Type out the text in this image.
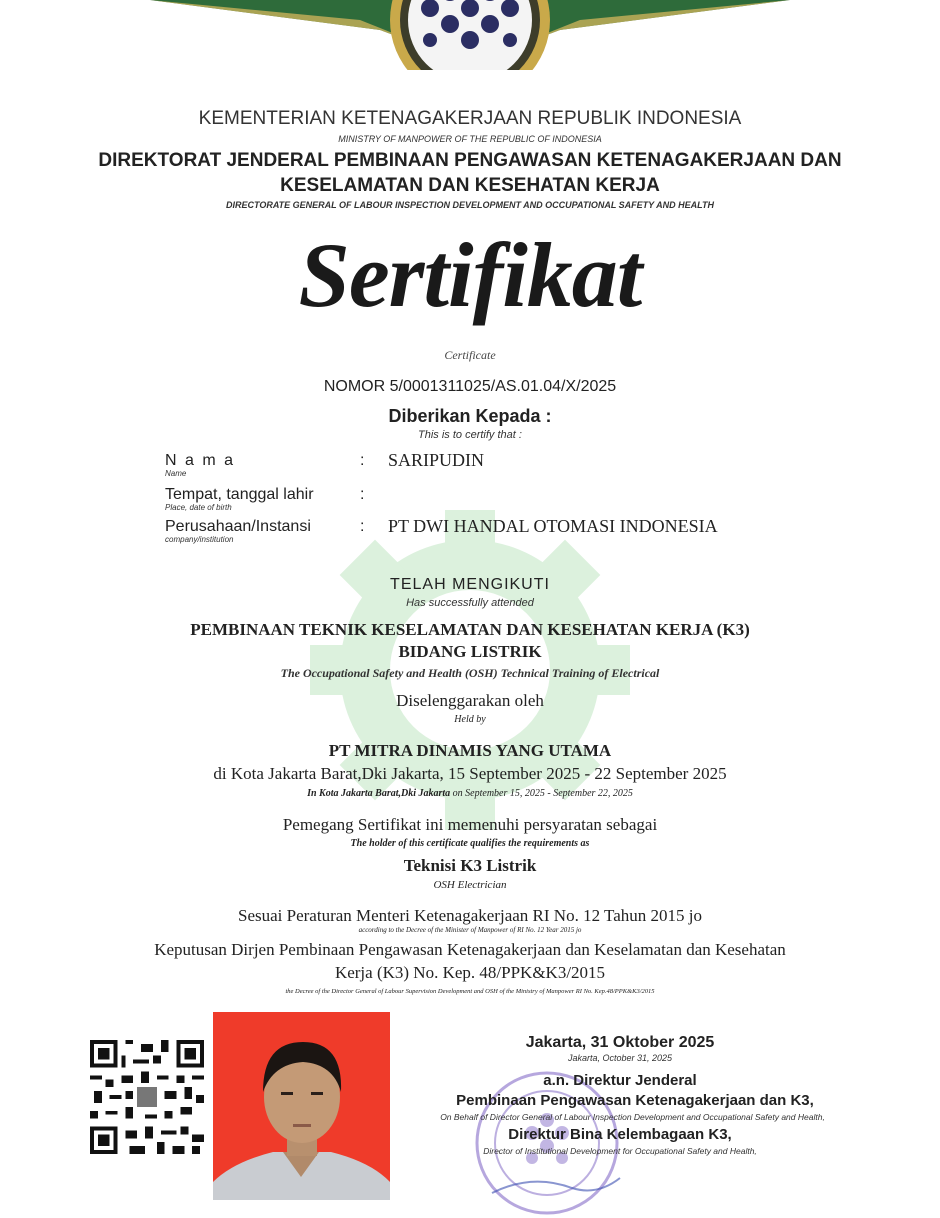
KEMENTERIAN KETENAGAKERJAAN REPUBLIK INDONESIA
MINISTRY OF MANPOWER OF THE REPUBLIC OF INDONESIA
DIREKTORAT JENDERAL PEMBINAAN PENGAWASAN KETENAGAKERJAAN DAN
KESELAMATAN DAN KESEHATAN KERJA
DIRECTORATE GENERAL OF LABOUR INSPECTION DEVELOPMENT AND OCCUPATIONAL SAFETY AND HEALTH
Sertifikat
Certificate
NOMOR 5/0001311025/AS.01.04/X/2025
Diberikan Kepada :
This is to certify that :
N a m a
Name
: SARIPUDIN
Tempat, tanggal lahir
Place, date of birth
:
Perusahaan/Instansi
company/institution
: PT DWI HANDAL OTOMASI INDONESIA
TELAH MENGIKUTI
Has successfully attended
PEMBINAAN TEKNIK KESELAMATAN DAN KESEHATAN KERJA (K3)
BIDANG LISTRIK
The Occupational Safety and Health (OSH) Technical Training of Electrical
Diselenggarakan oleh
Held by
PT MITRA DINAMIS YANG UTAMA
di Kota Jakarta Barat,Dki Jakarta, 15 September 2025 - 22 September 2025
In Kota Jakarta Barat,Dki Jakarta on September 15, 2025 - September 22, 2025
Pemegang Sertifikat ini memenuhi persyaratan sebagai
The holder of this certificate qualifies the requirements as
Teknisi K3 Listrik
OSH Electrician
Sesuai Peraturan Menteri Ketenagakerjaan RI No. 12 Tahun 2015 jo
according to the Decree of the Minister of Manpower of RI No. 12 Year 2015 jo
Keputusan Dirjen Pembinaan Pengawasan Ketenagakerjaan dan Keselamatan dan Kesehatan
Kerja (K3) No. Kep. 48/PPK&K3/2015
the Decree of the Director General of Labour Supervision Development and OSH of the Ministry of Manpower RI No. Kep.48/PPK&K3/2015
Jakarta, 31 Oktober 2025
Jakarta, October 31, 2025
a.n. Direktur Jenderal
Pembinaan Pengawasan Ketenagakerjaan dan K3,
On Behalf of Director General of Labour Inspection Development and Occupational Safety and Health,
Direktur Bina Kelembagaan K3,
Director of Institutional Development for Occupational Safety and Health,
